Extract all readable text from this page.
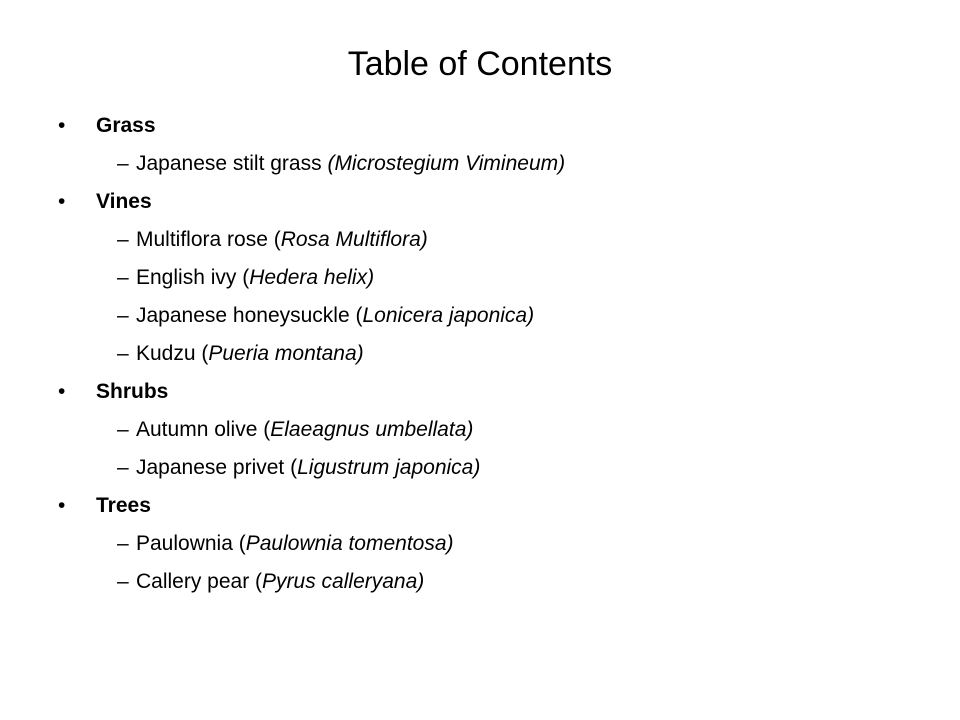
Table of Contents
•	Grass
– Japanese stilt grass (Microstegium Vimineum)
•	Vines
– Multiflora rose (Rosa Multiflora)
– English ivy (Hedera helix)
– Japanese honeysuckle (Lonicera japonica)
– Kudzu (Pueria montana)
•	Shrubs
– Autumn olive (Elaeagnus umbellata)
– Japanese privet (Ligustrum japonica)
•	Trees
– Paulownia (Paulownia tomentosa)
– Callery pear (Pyrus calleryana)
